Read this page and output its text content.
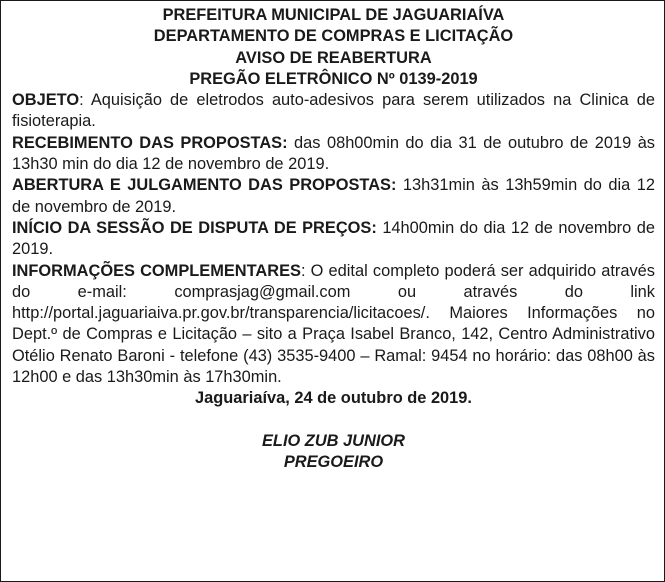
PREFEITURA MUNICIPAL DE JAGUARIAÍVA
DEPARTAMENTO DE COMPRAS E LICITAÇÃO
AVISO DE REABERTURA
PREGÃO ELETRÔNICO Nº 0139-2019

OBJETO: Aquisição de eletrodos auto-adesivos para serem utilizados na Clinica de fisioterapia.

RECEBIMENTO DAS PROPOSTAS: das 08h00min do dia 31 de outubro de 2019 às 13h30 min do dia 12 de novembro de 2019.

ABERTURA E JULGAMENTO DAS PROPOSTAS: 13h31min às 13h59min do dia 12 de novembro de 2019.

INÍCIO DA SESSÃO DE DISPUTA DE PREÇOS: 14h00min do dia 12 de novembro de 2019.

INFORMAÇÕES COMPLEMENTARES: O edital completo poderá ser adquirido através do e-mail: comprasjag@gmail.com ou através do link http://portal.jaguariaiva.pr.gov.br/transparencia/licitacoes/. Maiores Informações no Dept.º de Compras e Licitação – sito a Praça Isabel Branco, 142, Centro Administrativo Otélio Renato Baroni - telefone (43) 3535-9400 – Ramal: 9454 no horário: das 08h00 às 12h00 e das 13h30min às 17h30min.

Jaguariaíva, 24 de outubro de 2019.
ELIO ZUB JUNIOR
PREGOEIRO
